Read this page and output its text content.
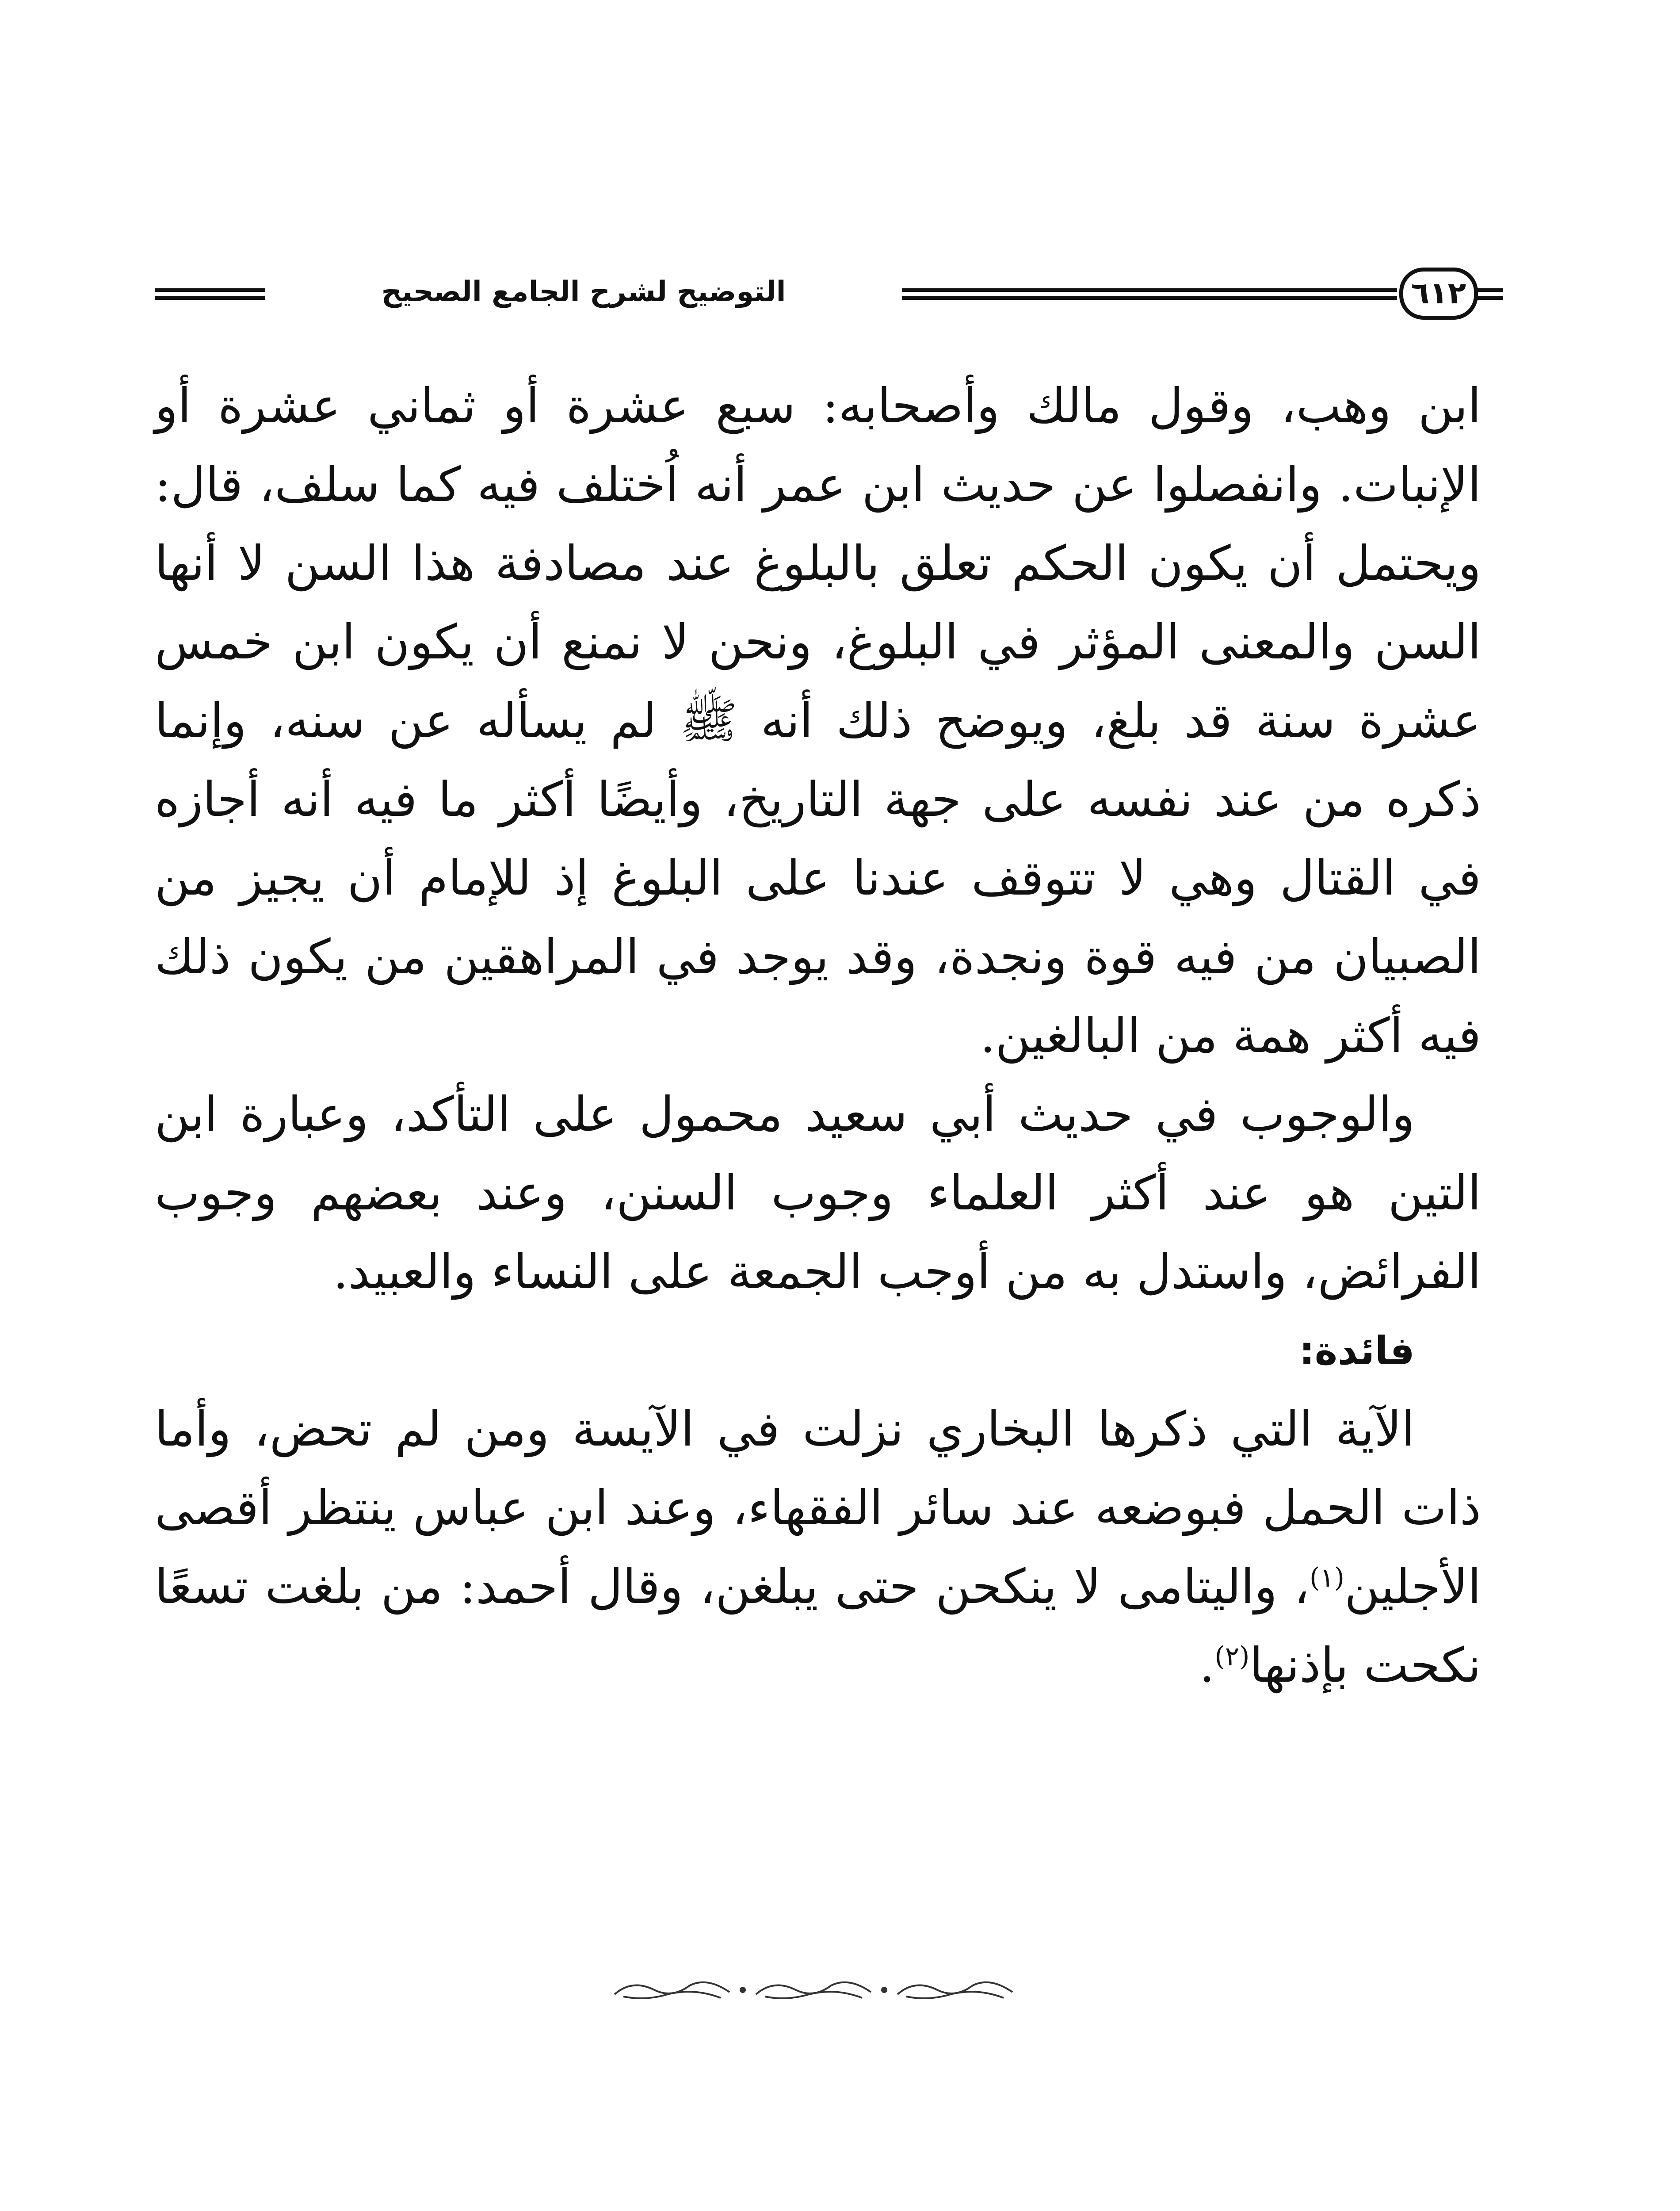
التوضيح لشرح الجامع الصحيح	٦١٢

ابن وهب، وقول مالك وأصحابه: سبع عشرة أو ثماني عشرة أو الإنبات. وانفصلوا عن حديث ابن عمر أنه اُختلف فيه كما سلف، قال: ويحتمل أن يكون الحكم تعلق بالبلوغ عند مصادفة هذا السن لا أنها السن والمعنى المؤثر في البلوغ، ونحن لا نمنع أن يكون ابن خمس عشرة سنة قد بلغ، ويوضح ذلك أنه ﷺ لم يسأله عن سنه، وإنما ذكره من عند نفسه على جهة التاريخ، وأيضًا أكثر ما فيه أنه أجازه في القتال وهي لا تتوقف عندنا على البلوغ إذ للإمام أن يجيز من الصبيان من فيه قوة ونجدة، وقد يوجد في المراهقين من يكون ذلك فيه أكثر همة من البالغين.

والوجوب في حديث أبي سعيد محمول على التأكد، وعبارة ابن التين هو عند أكثر العلماء وجوب السنن، وعند بعضهم وجوب الفرائض، واستدل به من أوجب الجمعة على النساء والعبيد.

فائدة:

الآية التي ذكرها البخاري نزلت في الآيسة ومن لم تحض، وأما ذات الحمل فبوضعه عند سائر الفقهاء، وعند ابن عباس ينتظر أقصى الأجلين$^{(١)}$، واليتامى لا ينكحن حتى يبلغن، وقال أحمد: من بلغت تسعًا نكحت بإذنها$^{(٢)}$.
